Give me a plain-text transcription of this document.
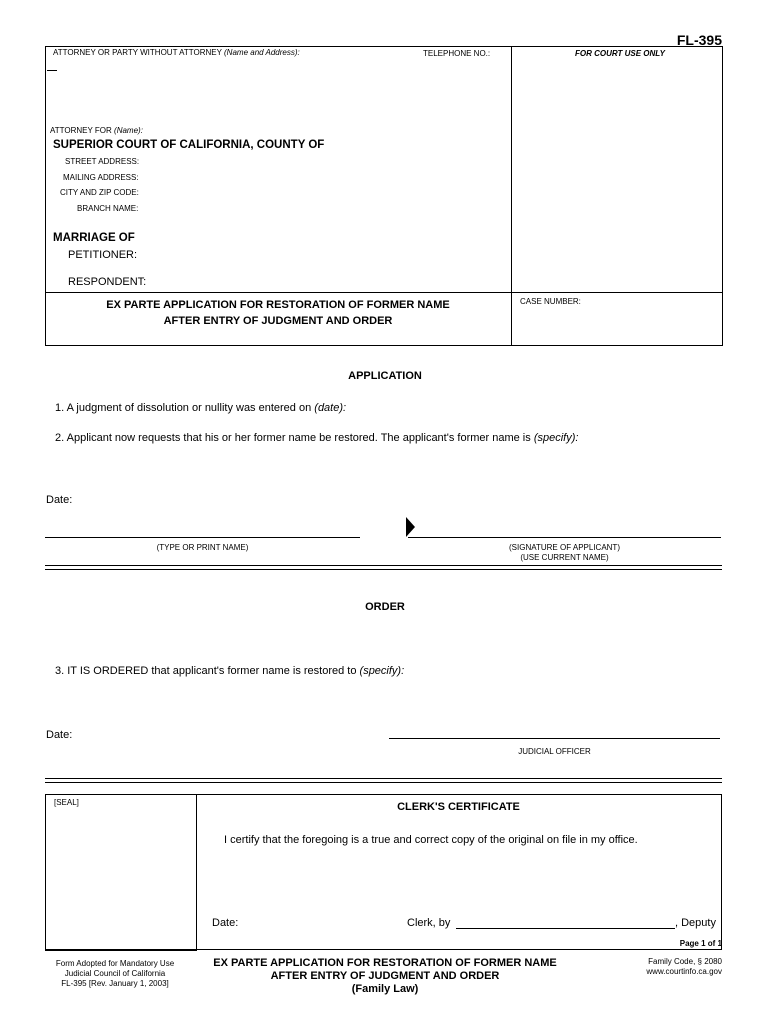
FL-395
ATTORNEY OR PARTY WITHOUT ATTORNEY (Name and Address):	TELEPHONE NO.:	FOR COURT USE ONLY
ATTORNEY FOR (Name):
SUPERIOR COURT OF CALIFORNIA, COUNTY OF
STREET ADDRESS:
MAILING ADDRESS:
CITY AND ZIP CODE:
BRANCH NAME:
MARRIAGE OF
PETITIONER:
RESPONDENT:
EX PARTE APPLICATION FOR RESTORATION OF FORMER NAME
AFTER ENTRY OF JUDGMENT AND ORDER
CASE NUMBER:
APPLICATION
1. A judgment of dissolution or nullity was entered on (date):
2. Applicant now requests that his or her former name be restored. The applicant's former name is (specify):
Date:
(TYPE OR PRINT NAME)	(SIGNATURE OF APPLICANT)
(USE CURRENT NAME)
ORDER
3. IT IS ORDERED that applicant's former name is restored to (specify):
Date:
JUDICIAL OFFICER
[SEAL]	CLERK'S CERTIFICATE
I certify that the foregoing is a true and correct copy of the original on file in my office.
Date:	Clerk, by	, Deputy
Page 1 of 1
Form Adopted for Mandatory Use
Judicial Council of California
FL-395 [Rev. January 1, 2003]
EX PARTE APPLICATION FOR RESTORATION OF FORMER NAME
AFTER ENTRY OF JUDGMENT AND ORDER
(Family Law)
Family Code, § 2080
www.courtinfo.ca.gov
